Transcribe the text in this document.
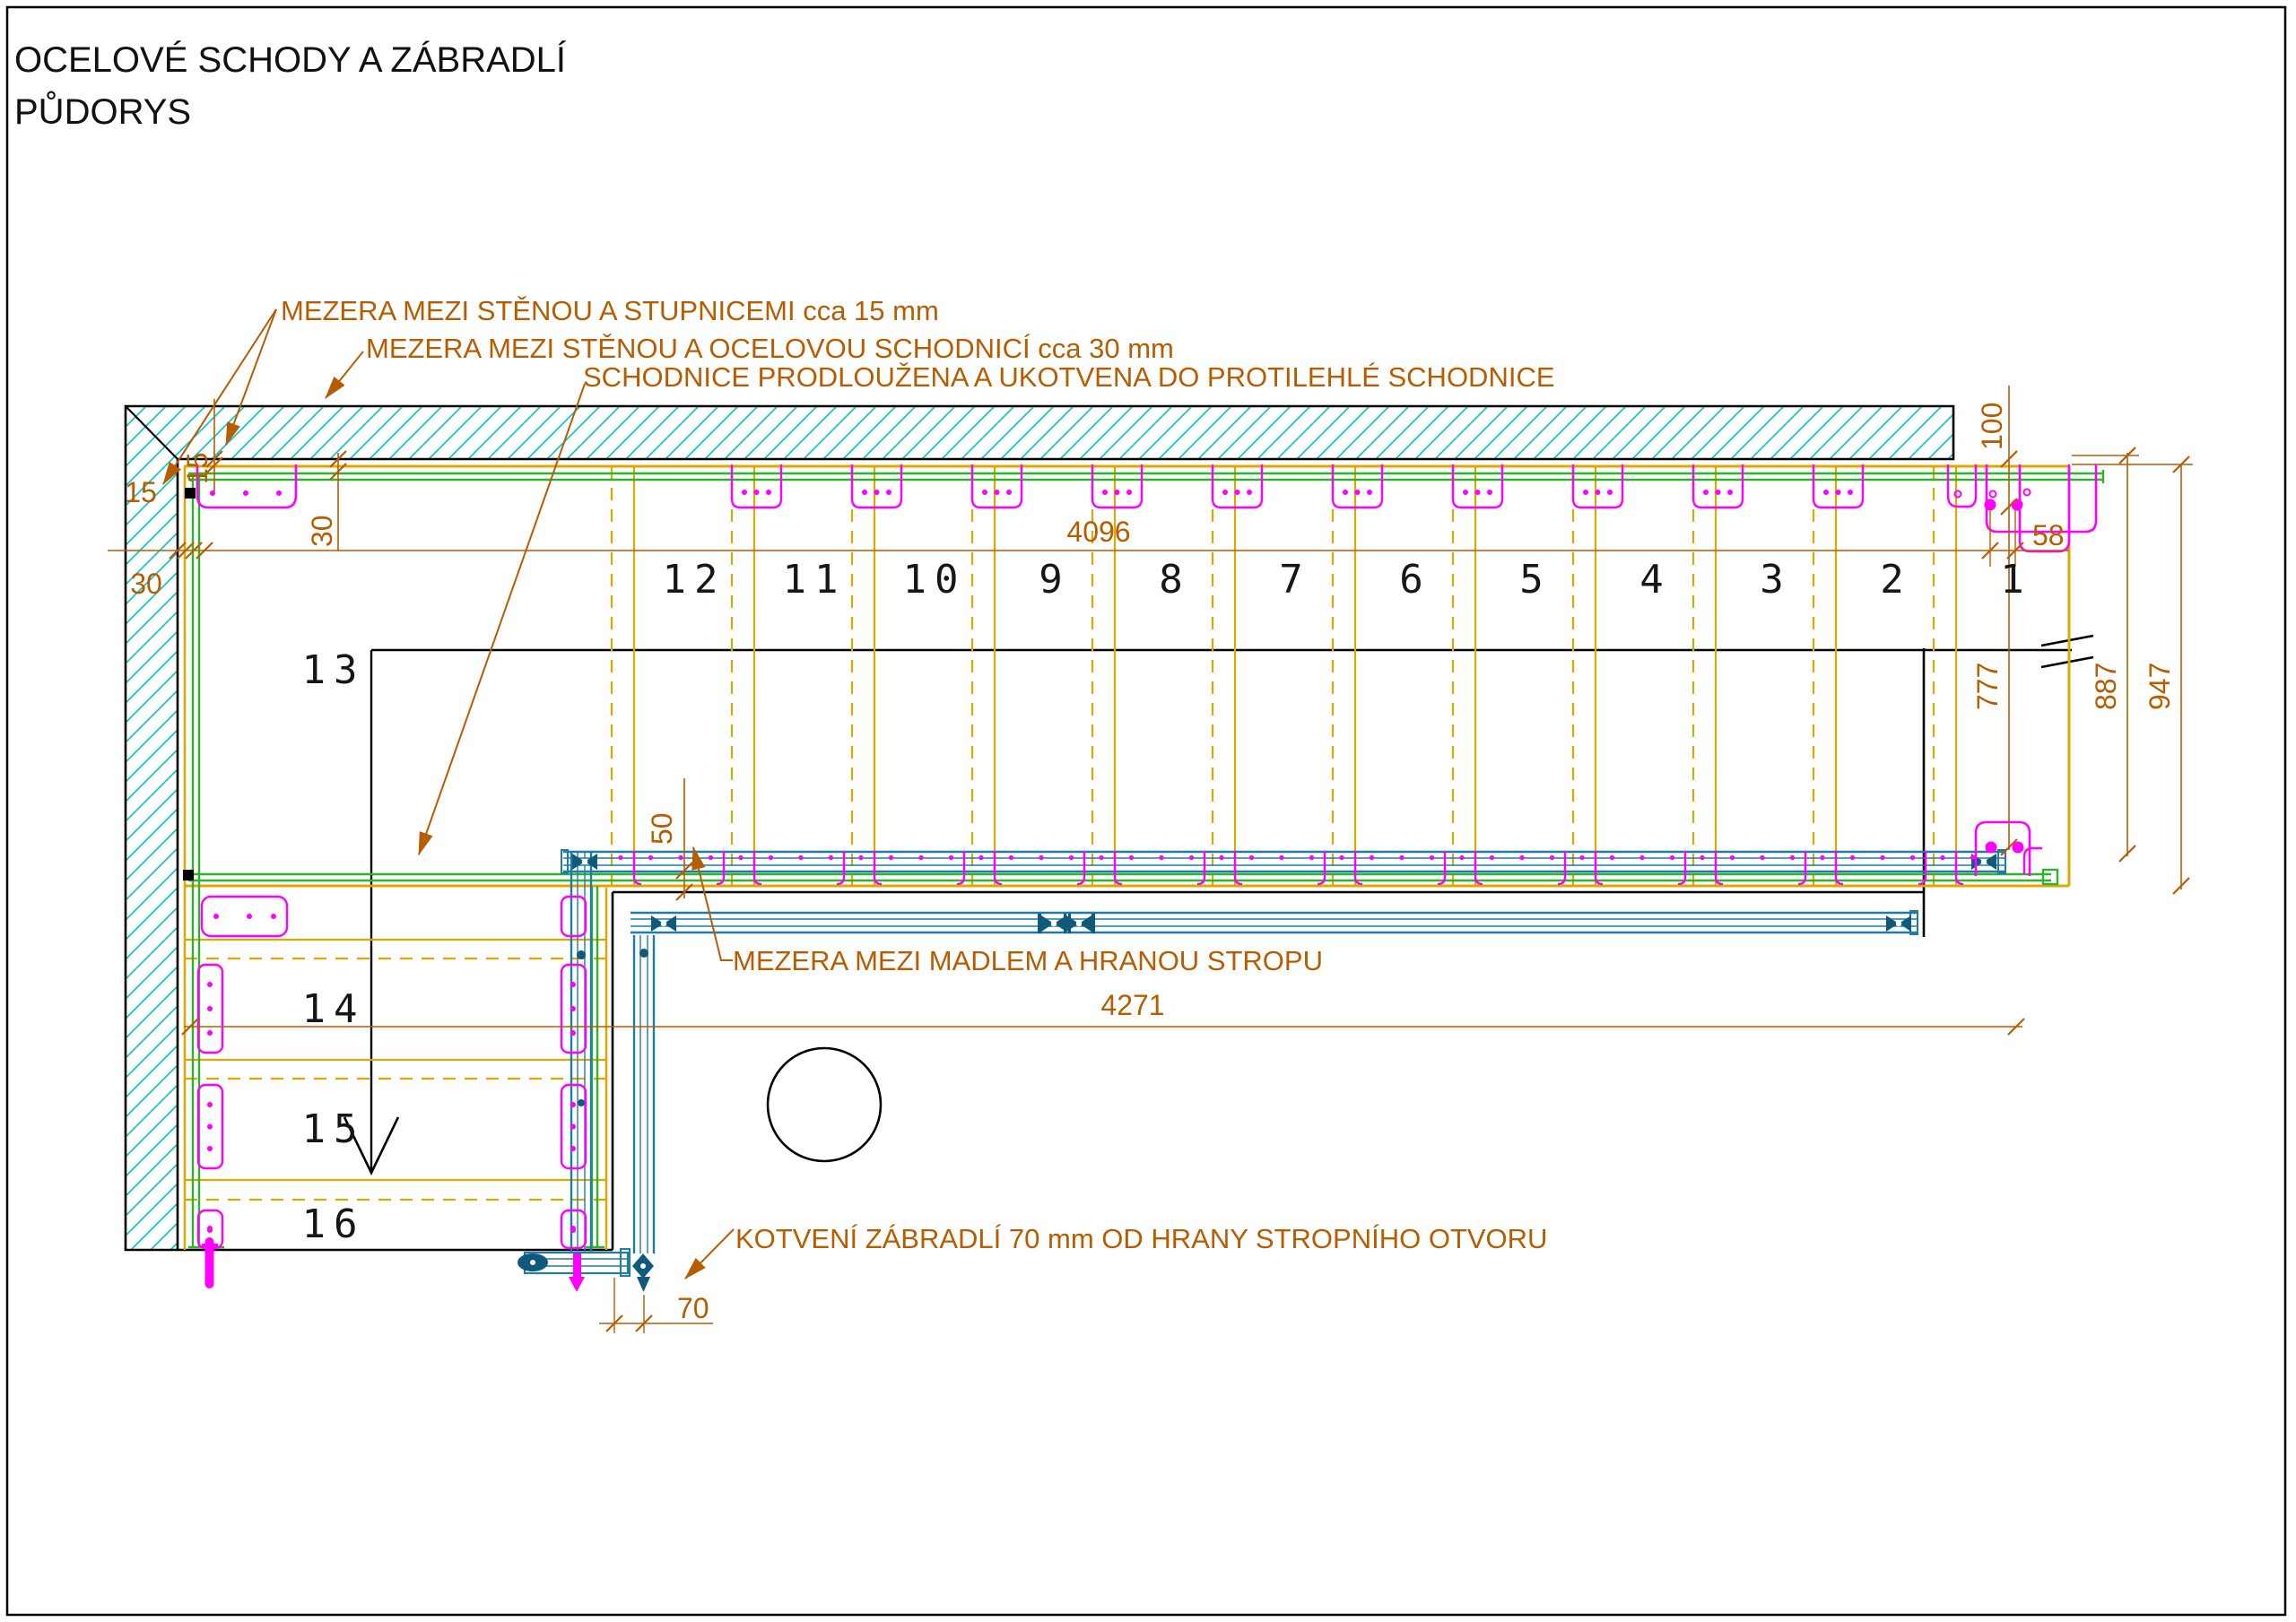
OCELOVÉ SCHODY A ZÁBRADLÍ
PŮDORYS
15
30
4096	58
15
30
100
777	887 947
50
4271
70
MEZERA MEZI STĚNOU A STUPNICEMI cca 15 mm
MEZERA MEZI STĚNOU A OCELOVOU SCHODNICÍ cca 30 mm
SCHODNICE PRODLOUŽENA A UKOTVENA DO PROTILEHLÉ SCHODNICE
MEZERA MEZI MADLEM A HRANOU STROPU
KOTVENÍ ZÁBRADLÍ 70 mm OD HRANY STROPNÍHO OTVORU
12 11 10 9 8 7 6 5 4 3 2 1
13
14
15
16
